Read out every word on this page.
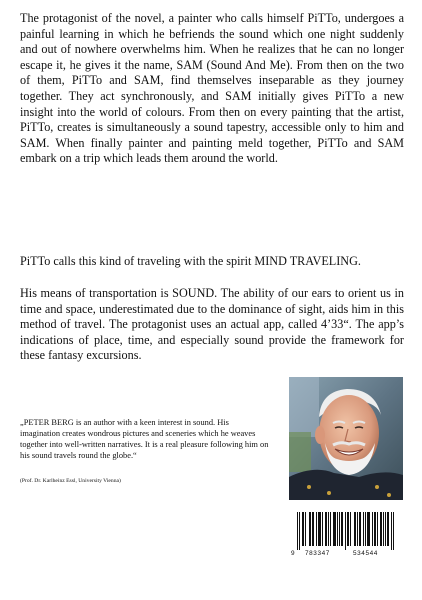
The protagonist of the novel, a painter who calls himself PiTTo, undergoes a painful learning in which he befriends the sound which one night suddenly and out of nowhere overwhelms him. When he realizes that he can no longer escape it, he gives it the name, SAM (Sound And Me). From then on the two of them, PiTTo and SAM, find themselves inseparable as they journey together. They act synchronously, and SAM initially gives PiTTo a new insight into the world of colours. From then on every painting that the artist, PiTTo, creates is simultaneously a sound tapestry, accessible only to him and SAM. When finally painter and painting meld together, PiTTo and SAM embark on a trip which leads them around the world.

PiTTo calls this kind of traveling with the spirit MIND TRAVELING.

His means of transportation is SOUND. The ability of our ears to orient us in time and space, underestimated due to the dominance of sight, aids him in this method of travel. The protagonist uses an actual app, called 4’33“. The app’s indications of place, time, and especially sound provide the framework for these fantasy excursions.

„PETER BERG is an author with a keen interest in sound. His imagination creates wondrous pictures and sceneries which he weaves together into well-written narratives. It is a real pleasure following him on his sound travels round the globe.“

(Prof. Dr. Karlheinz Essl, University Vienna)

9 783347	534544
